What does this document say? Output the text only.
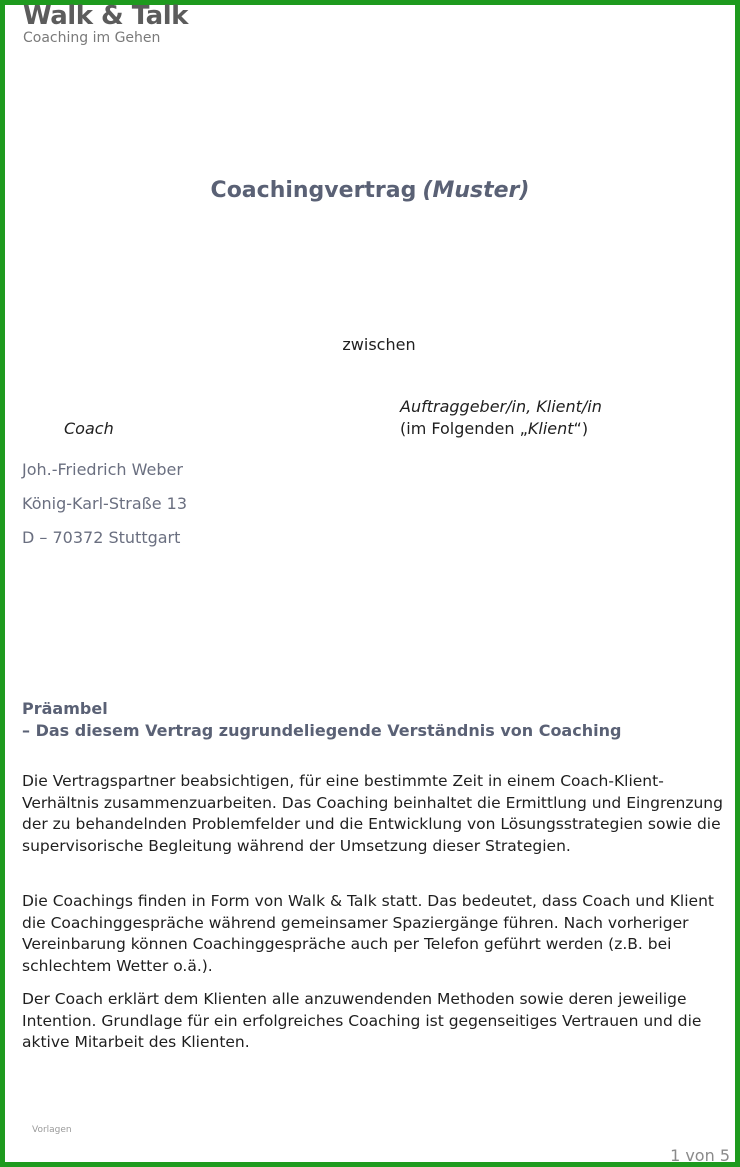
Walk & Talk
Coaching im Gehen
Coachingvertrag (Muster)
zwischen
Coach
Auftraggeber/in, Klient/in
(im Folgenden „Klient“)
Joh.-Friedrich Weber
König-Karl-Straße 13
D – 70372 Stuttgart
Präambel
– Das diesem Vertrag zugrundeliegende Verständnis von Coaching
Die Vertragspartner beabsichtigen, für eine bestimmte Zeit in einem Coach-Klient-Verhältnis zusammenzuarbeiten. Das Coaching beinhaltet die Ermittlung und Eingrenzung der zu behandelnden Problemfelder und die Entwicklung von Lösungsstrategien sowie die supervisorische Begleitung während der Umsetzung dieser Strategien.
Die Coachings finden in Form von Walk & Talk statt. Das bedeutet, dass Coach und Klient die Coachinggespräche während gemeinsamer Spaziergänge führen. Nach vorheriger Vereinbarung können Coachinggespräche auch per Telefon geführt werden (z.B. bei schlechtem Wetter o.ä.).
Der Coach erklärt dem Klienten alle anzuwendenden Methoden sowie deren jeweilige Intention. Grundlage für ein erfolgreiches Coaching ist gegenseitiges Vertrauen und die aktive Mitarbeit des Klienten.
Vorlagen
1 von 5
